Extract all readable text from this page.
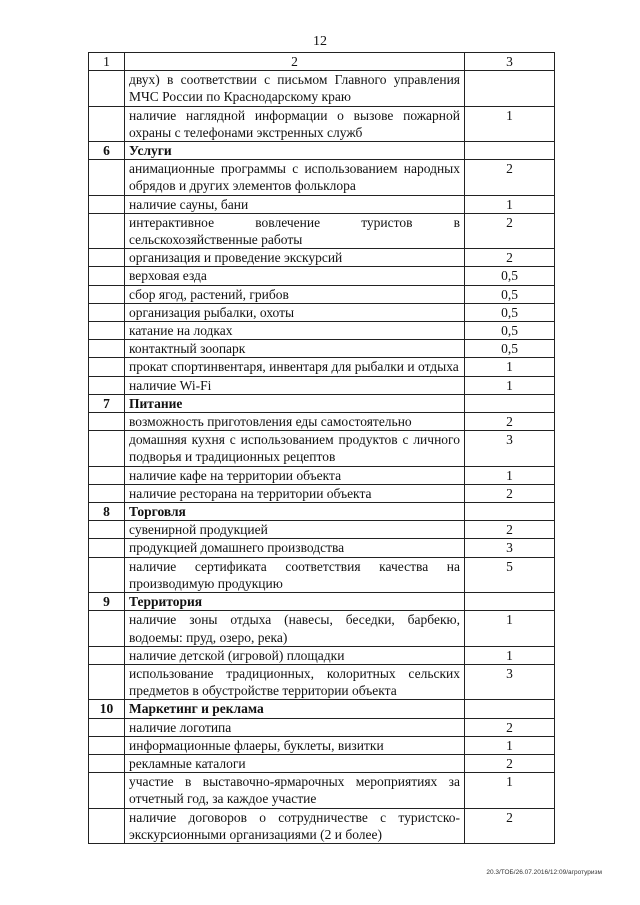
12
1	2	3
	двух) в соответствии с письмом Главного управления МЧС России по Краснодарскому краю	
	наличие наглядной информации о вызове пожарной охраны с телефонами экстренных служб	1
6	Услуги	
	анимационные программы с использованием народных обрядов и других элементов фольклора	2
	наличие сауны, бани	1
	интерактивное вовлечение туристов в сельскохозяйственные работы	2
	организация и проведение экскурсий	2
	верховая езда	0,5
	сбор ягод, растений, грибов	0,5
	организация рыбалки, охоты	0,5
	катание на лодках	0,5
	контактный зоопарк	0,5
	прокат спортинвентаря, инвентаря для рыбалки и отдыха	1
	наличие Wi-Fi	1
7	Питание	
	возможность приготовления еды самостоятельно	2
	домашняя кухня с использованием продуктов с личного подворья и традиционных рецептов	3
	наличие кафе на территории объекта	1
	наличие ресторана на территории объекта	2
8	Торговля	
	сувенирной продукцией	2
	продукцией домашнего производства	3
	наличие сертификата соответствия качества на производимую продукцию	5
9	Территория	
	наличие зоны отдыха (навесы, беседки, барбекю, водоемы: пруд, озеро, река)	1
	наличие детской (игровой) площадки	1
	использование традиционных, колоритных сельских предметов в обустройстве территории объекта	3
10	Маркетинг и реклама	
	наличие логотипа	2
	информационные флаеры, буклеты, визитки	1
	рекламные каталоги	2
	участие в выставочно-ярмарочных мероприятиях за отчетный год, за каждое участие	1
	наличие договоров о сотрудничестве с туристско-экскурсионными организациями (2 и более)	2
20.3/ТОБ/26.07.2016/12:09/агротуризм
